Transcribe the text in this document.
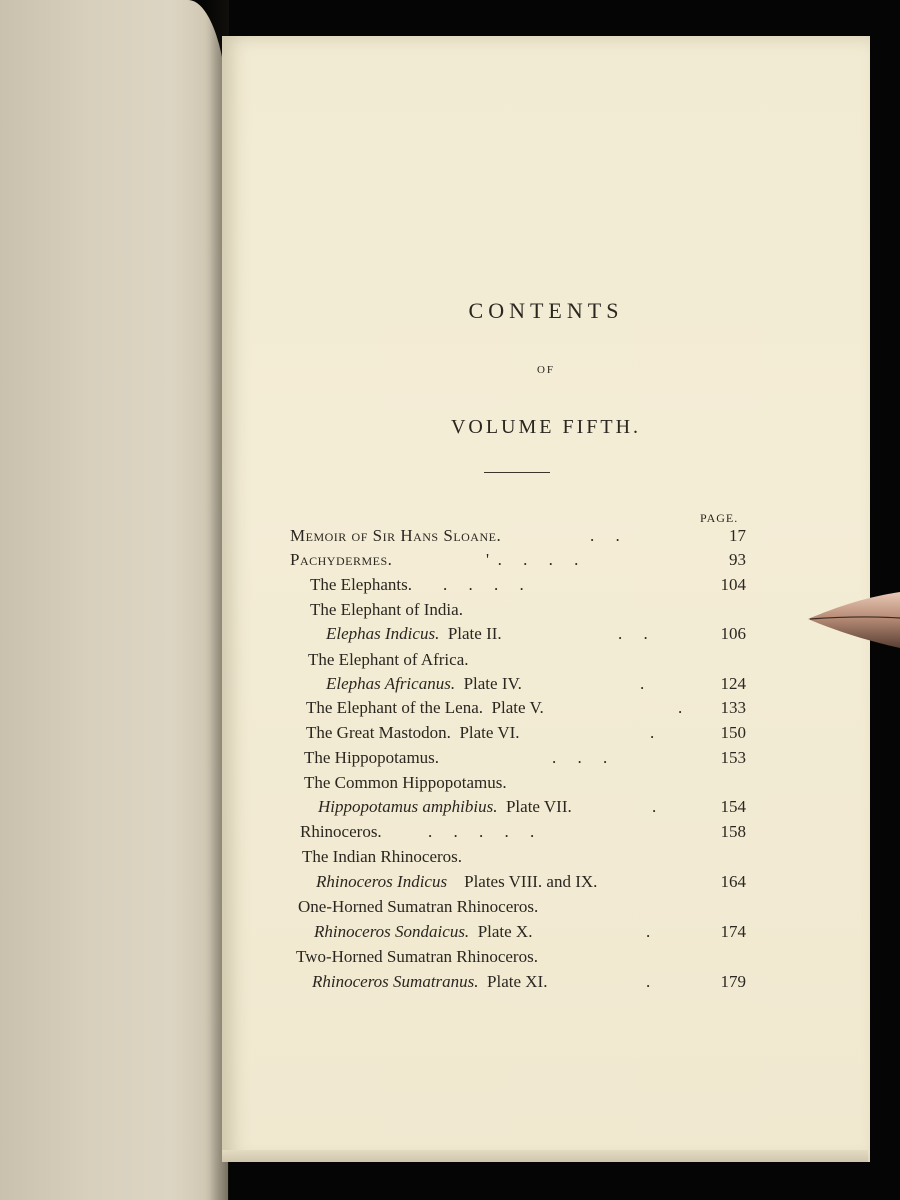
CONTENTS
OF
VOLUME FIFTH.
PAGE.
Memoir of Sir Hans Sloane.	.     .	17
Pachydermes.	'  .     .     .     .	93
The Elephants. .     .     .     .	104
The Elephant of India.
Elephas Indicus. Plate II.	.     .	106
The Elephant of Africa.
Elephas Africanus. Plate IV.	.	124
The Elephant of the Lena. Plate V.	. 133
The Great Mastodon. Plate VI.	.	150
The Hippopotamus.	.     .     .	153
The Common Hippopotamus.
Hippopotamus amphibius. Plate VII.	.	154
Rhinoceros.	.     .     .     .     .	158
The Indian Rhinoceros.
Rhinoceros Indicus Plates VIII. and IX.	164
One-Horned Sumatran Rhinoceros.
Rhinoceros Sondaicus. Plate X.	.	174
Two-Horned Sumatran Rhinoceros.
Rhinoceros Sumatranus. Plate XI.	.	179
